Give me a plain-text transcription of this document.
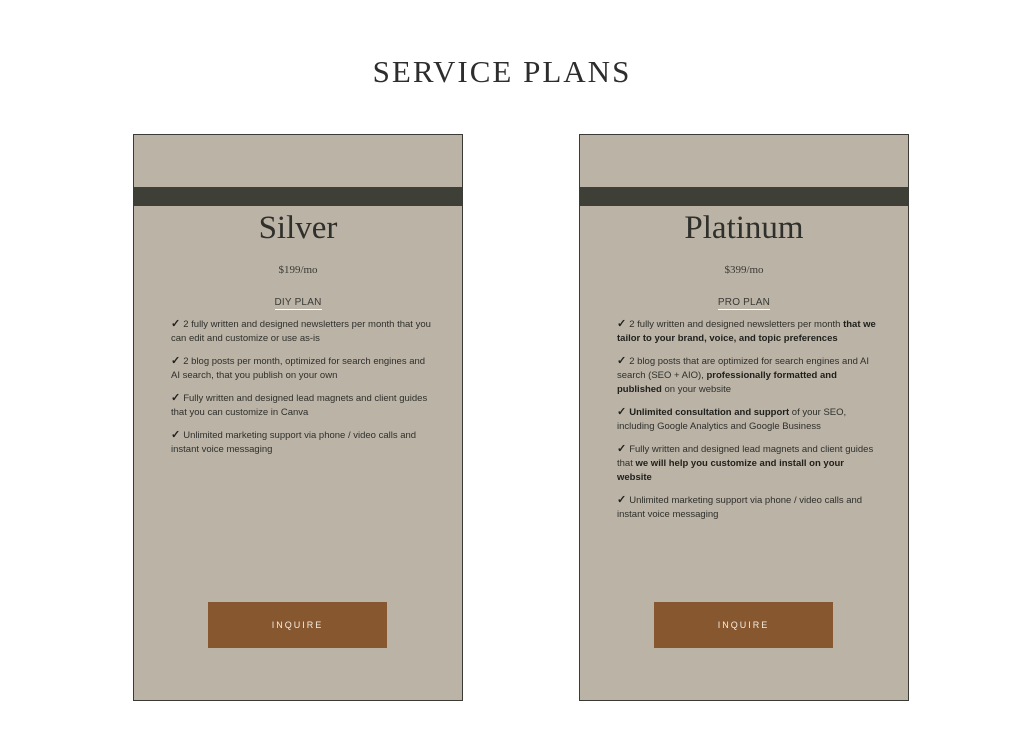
SERVICE PLANS
DIY PLAN
Silver
$199/mo
✓ 2 fully written and designed newsletters per month that you can edit and customize or use as-is
✓ 2 blog posts per month, optimized for search engines and AI search, that you publish on your own
✓ Fully written and designed lead magnets and client guides that you can customize in Canva
✓ Unlimited marketing support via phone / video calls and instant voice messaging
INQUIRE
PRO PLAN
Platinum
$399/mo
✓ 2 fully written and designed newsletters per month that we tailor to your brand, voice, and topic preferences
✓ 2 blog posts that are optimized for search engines and AI search (SEO + AIO), professionally formatted and published on your website
✓ Unlimited consultation and support of your SEO, including Google Analytics and Google Business
✓ Fully written and designed lead magnets and client guides that we will help you customize and install on your website
✓ Unlimited marketing support via phone / video calls and instant voice messaging
INQUIRE
